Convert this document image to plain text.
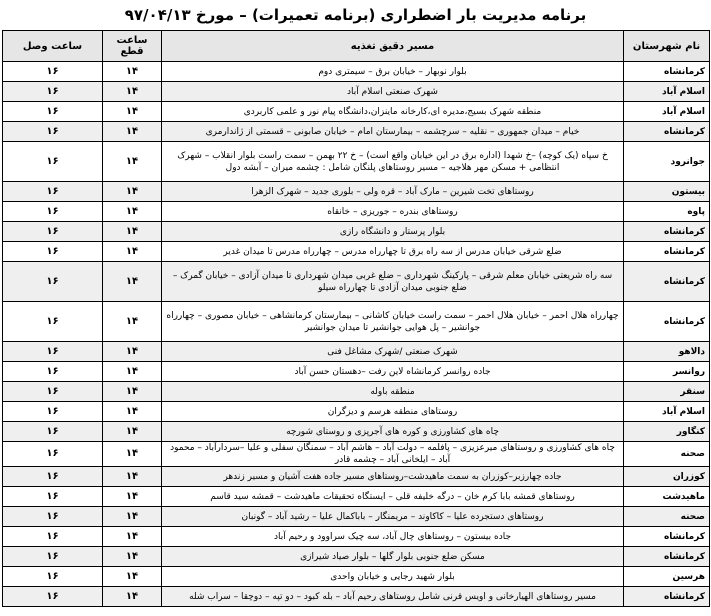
برنامه مدیریت بار اضطراری (برنامه تعمیرات) – مورخ ۹۷/۰۴/۱۳
نام شهرستان	مسیر دقیق تغذیه	ساعت قطع	ساعت وصل
کرمانشاه	بلوار نوبهار – خیابان برق – سیمتری دوم	۱۴	۱۶
اسلام آباد	شهرک صنعتی اسلام آباد	۱۴	۱۶
اسلام آباد	منطقه شهرک بسیج،مدیره ای،کارخانه ماینزان،دانشگاه پیام نور و علمی کاربردی	۱۴	۱۶
کرمانشاه	خیام – میدان جمهوری – نقلیه – سرچشمه – بیمارستان امام – خیابان صابونی – قسمتی از ژاندارمری	۱۴	۱۶
جوانرود	خ سپاه (یک کوچه) –خ شهدا (اداره برق در این خیابان واقع است) – خ ۲۲ بهمن – سمت راست بلوار انقلاب – شهرک انتظامی + مسکن مهر هلاجیه – مسیر روستاهای پلنگان شامل : چشمه میران – آبشه دول	۱۴	۱۶
بیستون	روستاهای تخت شیرین – مارک آباد – قره ولی – بلوری جدید – شهرک الزهرا	۱۴	۱۶
پاوه	روستاهای بندره – جوریزی – خانقاه	۱۴	۱۶
کرمانشاه	بلوار پرستار و دانشگاه رازی	۱۴	۱۶
کرمانشاه	ضلع شرقی خیابان مدرس از سه راه برق تا چهارراه مدرس – چهارراه مدرس تا میدان غدیر	۱۴	۱۶
کرمانشاه	سه راه شریعتی خیابان معلم شرقی – پارکینگ شهرداری – ضلع غربی میدان شهرداری تا میدان آزادی – خیابان گمرک – ضلع جنوبی میدان آزادی تا چهارراه سیلو	۱۴	۱۶
کرمانشاه	چهارراه هلال احمر – خیابان هلال احمر – سمت راست خیابان کاشانی – بیمارستان کرمانشاهی – خیابان مصوری – چهارراه جوانشیر – پل هوایی جوانشیر تا میدان جوانشیر	۱۴	۱۶
دالاهو	شهرک صنعتی /شهرک مشاغل فنی	۱۴	۱۶
روانسر	جاده روانسر کرمانشاه لاین رفت –دهستان حسن آباد	۱۴	۱۶
سنقر	منطقه باوله	۱۴	۱۶
اسلام آباد	روستاهای منطقه هرسم و دیزگران	۱۴	۱۶
کنگاور	چاه های کشاورزی و کوره های آجرپزی و روستای شورچه	۱۴	۱۶
صحنه	چاه های کشاورزی و روستاهای میرعزیزی – پافلمه – دولت آباد – هاشم آباد – سمنگان سفلی و علیا –سردارآباد – محمود آباد – ایلخانی آباد – چشمه قادر	۱۴	۱۶
کوزران	جاده چهارزبر–کوزران به سمت ماهیدشت–روستاهای مسیر جاده هفت آشیان و مسیر زندهر	۱۴	۱۶
ماهیدشت	روستاهای قمشه بابا کرم خان – درگه خلیفه قلی – ایستگاه تحقیقات ماهیدشت – قمشه سید قاسم	۱۴	۱۶
صحنه	روستاهای دستجرده علیا – کاکاوند – مریمنگار – باباکمال علیا – رشید آباد – گونبان	۱۴	۱۶
کرمانشاه	جاده بیستون – روستاهای چال آباد، سه چیک سراوود و رحیم آباد	۱۴	۱۶
کرمانشاه	مسکن ضلع جنوبی بلوار گلها – بلوار صیاد شیرازی	۱۴	۱۶
هرسین	بلوار شهید رجایی و خیابان واحدی	۱۴	۱۶
کرمانشاه	مسیر روستاهای الهیارخانی و اویس قرنی شامل روستاهای رحیم آباد – بله کبود – دو تپه – دوچقا – سراب شله	۱۴	۱۶
